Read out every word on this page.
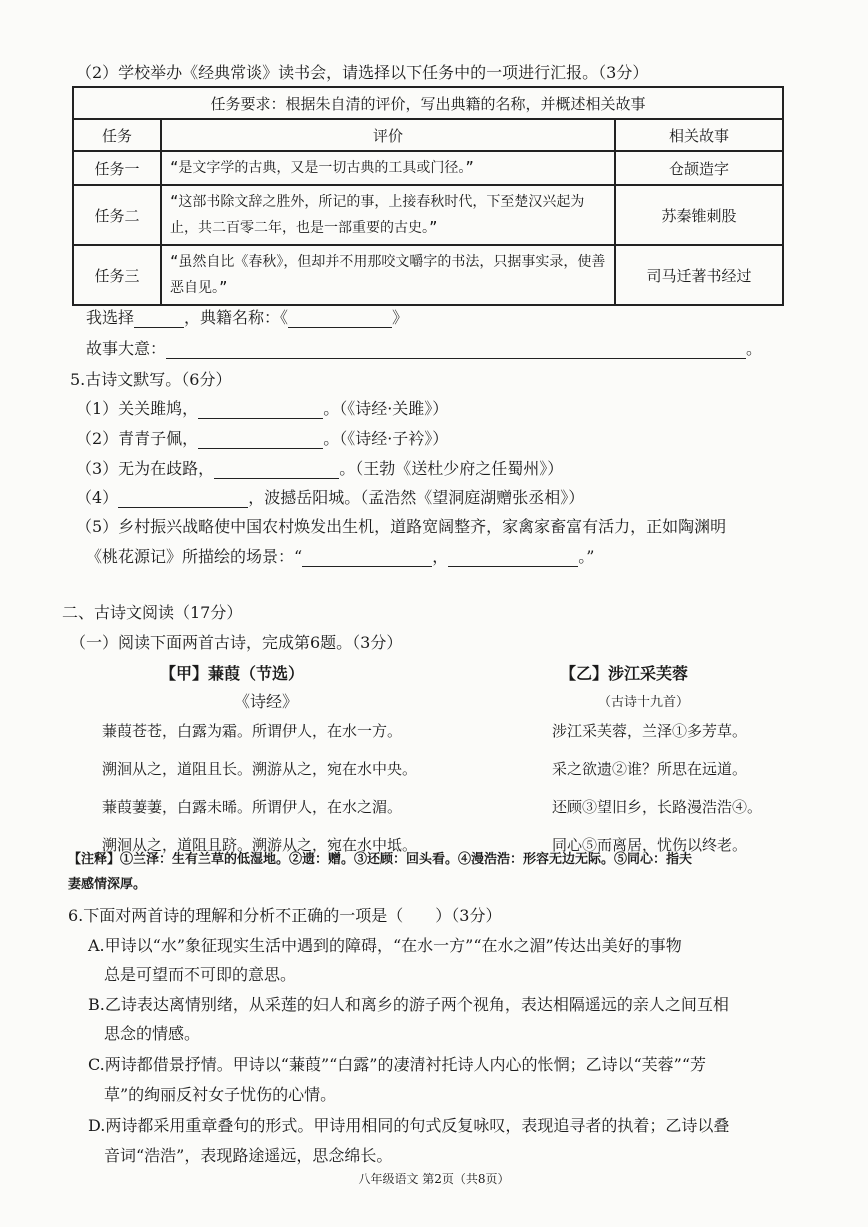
（2）学校举办《经典常谈》读书会，请选择以下任务中的一项进行汇报。（3分）
任务要求：根据朱自清的评价，写出典籍的名称，并概述相关故事		
任务	评价	相关故事
任务一	“是文字学的古典，又是一切古典的工具或门径。”	仓颉造字
任务二	“这部书除文辞之胜外，所记的事，上接春秋时代，下至楚汉兴起为止，共二百零二年，也是一部重要的古史。”	苏秦锥刺股
任务三	“虽然自比《春秋》，但却并不用那咬文嚼字的书法，只据事实录，使善恶自见。”	司马迁著书经过
我选择	，典籍名称：《	》
故事大意：	。
5.古诗文默写。（6分）
（1）关关雎鸠，	。（《诗经·关雎》）
（2）青青子佩，	。（《诗经·子衿》）
（3）无为在歧路，	。（王勃《送杜少府之任蜀州》）
（4）	，波撼岳阳城。（孟浩然《望洞庭湖赠张丞相》）
（5）乡村振兴战略使中国农村焕发出生机，道路宽阔整齐，家禽家畜富有活力，正如陶渊明
《桃花源记》所描绘的场景：“	，	。”
二、古诗文阅读（17分）
（一）阅读下面两首古诗，完成第6题。（3分）
【甲】蒹葭（节选）
《诗经》
【乙】涉江采芙蓉
（古诗十九首）
蒹葭苍苍，白露为霜。所谓伊人，在水一方。
溯洄从之，道阻且长。溯游从之，宛在水中央。
蒹葭萋萋，白露未晞。所谓伊人，在水之湄。
溯洄从之，道阻且跻。溯游从之，宛在水中坻。
涉江采芙蓉，兰泽①多芳草。
采之欲遗②谁？所思在远道。
还顾③望旧乡，长路漫浩浩④。
同心⑤而离居，忧伤以终老。
【注释】①兰泽：生有兰草的低湿地。②遗：赠。③还顾：回头看。④漫浩浩：形容无边无际。⑤同心：指夫
妻感情深厚。
6.下面对两首诗的理解和分析不正确的一项是（　　）（3分）
A.甲诗以“水”象征现实生活中遇到的障碍，“在水一方”“在水之湄”传达出美好的事物
总是可望而不可即的意思。
B.乙诗表达离情别绪，从采莲的妇人和离乡的游子两个视角，表达相隔遥远的亲人之间互相
思念的情感。
C.两诗都借景抒情。甲诗以“蒹葭”“白露”的凄清衬托诗人内心的怅惘；乙诗以“芙蓉”“芳
草”的绚丽反衬女子忧伤的心情。
D.两诗都采用重章叠句的形式。甲诗用相同的句式反复咏叹，表现追寻者的执着；乙诗以叠
音词“浩浩”，表现路途遥远，思念绵长。
八年级语文 第2页（共8页）
